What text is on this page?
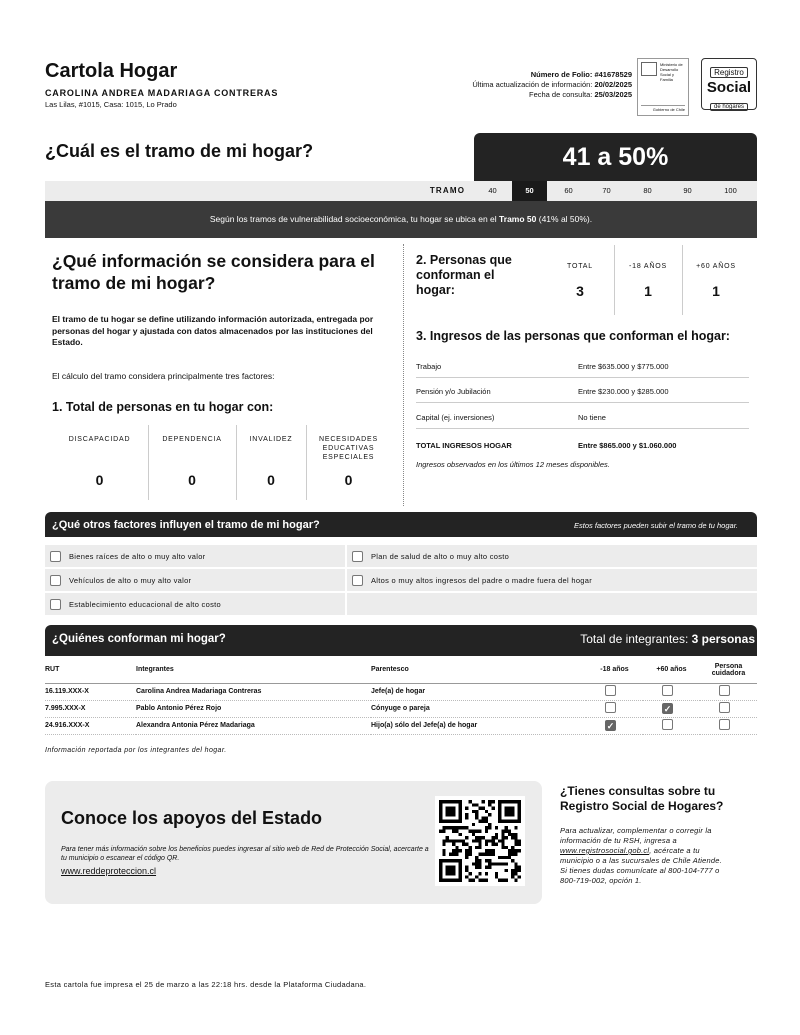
Cartola Hogar
CAROLINA ANDREA MADARIAGA CONTRERAS
Las Lilas, #1015, Casa: 1015, Lo Prado
Número de Folio: #41678529
Última actualización de información: 20/02/2025
Fecha de consulta: 25/03/2025
Ministerio de
Desarrollo
Social y
Familia
Gobierno de Chile
Registro
Social
de hogares
¿Cuál es el tramo de mi hogar?	41 a 50%
TRAMO	40	50	60	70	80	90	100
Según los tramos de vulnerabilidad socioeconómica, tu hogar se ubica en el Tramo 50 (41% al 50%).
¿Qué información se considera para el tramo de mi hogar?
El tramo de tu hogar se define utilizando información autorizada, entregada por personas del hogar y ajustada con datos almacenados por las instituciones del Estado.
El cálculo del tramo considera principalmente tres factores:
1. Total de personas en tu hogar con:
DISCAPACIDAD
0
DEPENDENCIA
0
INVALIDEZ
0
NECESIDADES EDUCATIVAS ESPECIALES
0
2. Personas que conforman el hogar:
TOTAL
3
-18 AÑOS
1
+60 AÑOS
1
3. Ingresos de las personas que conforman el hogar:
Trabajo	Entre $635.000 y $775.000
Pensión y/o Jubilación	Entre $230.000 y $285.000
Capital (ej. inversiones)	No tiene
TOTAL INGRESOS HOGAR	Entre $865.000 y $1.060.000
Ingresos observados en los últimos 12 meses disponibles.
¿Qué otros factores influyen el tramo de mi hogar?	Estos factores pueden subir el tramo de tu hogar.
Bienes raíces de alto o muy alto valor	Plan de salud de alto o muy alto costo
Vehículos de alto o muy alto valor	Altos o muy altos ingresos del padre o madre fuera del hogar
Establecimiento educacional de alto costo
¿Quiénes conforman mi hogar?	Total de integrantes: 3 personas
RUT	Integrantes	Parentesco	-18 años	+60 años	Persona cuidadora
16.119.XXX-X	Carolina Andrea Madariaga Contreras	Jefe(a) de hogar			
7.995.XXX-X	Pablo Antonio Pérez Rojo	Cónyuge o pareja		✓	
24.916.XXX-X	Alexandra Antonia Pérez Madariaga	Hijo(a) sólo del Jefe(a) de hogar	✓		
Información reportada por los integrantes del hogar.
Conoce los apoyos del Estado
Para tener más información sobre los beneficios puedes ingresar al sitio web de Red de Protección Social, acercarte a tu municipio o escanear el código QR.
www.reddeproteccion.cl
¿Tienes consultas sobre tu Registro Social de Hogares?
Para actualizar, complementar o corregir la información de tu RSH, ingresa a www.registrosocial.gob.cl, acércate a tu municipio o a las sucursales de Chile Atiende. Si tienes dudas comunícate al 800-104-777 o 800-719-002, opción 1.
Esta cartola fue impresa el 25 de marzo a las 22:18 hrs. desde la Plataforma Ciudadana.
